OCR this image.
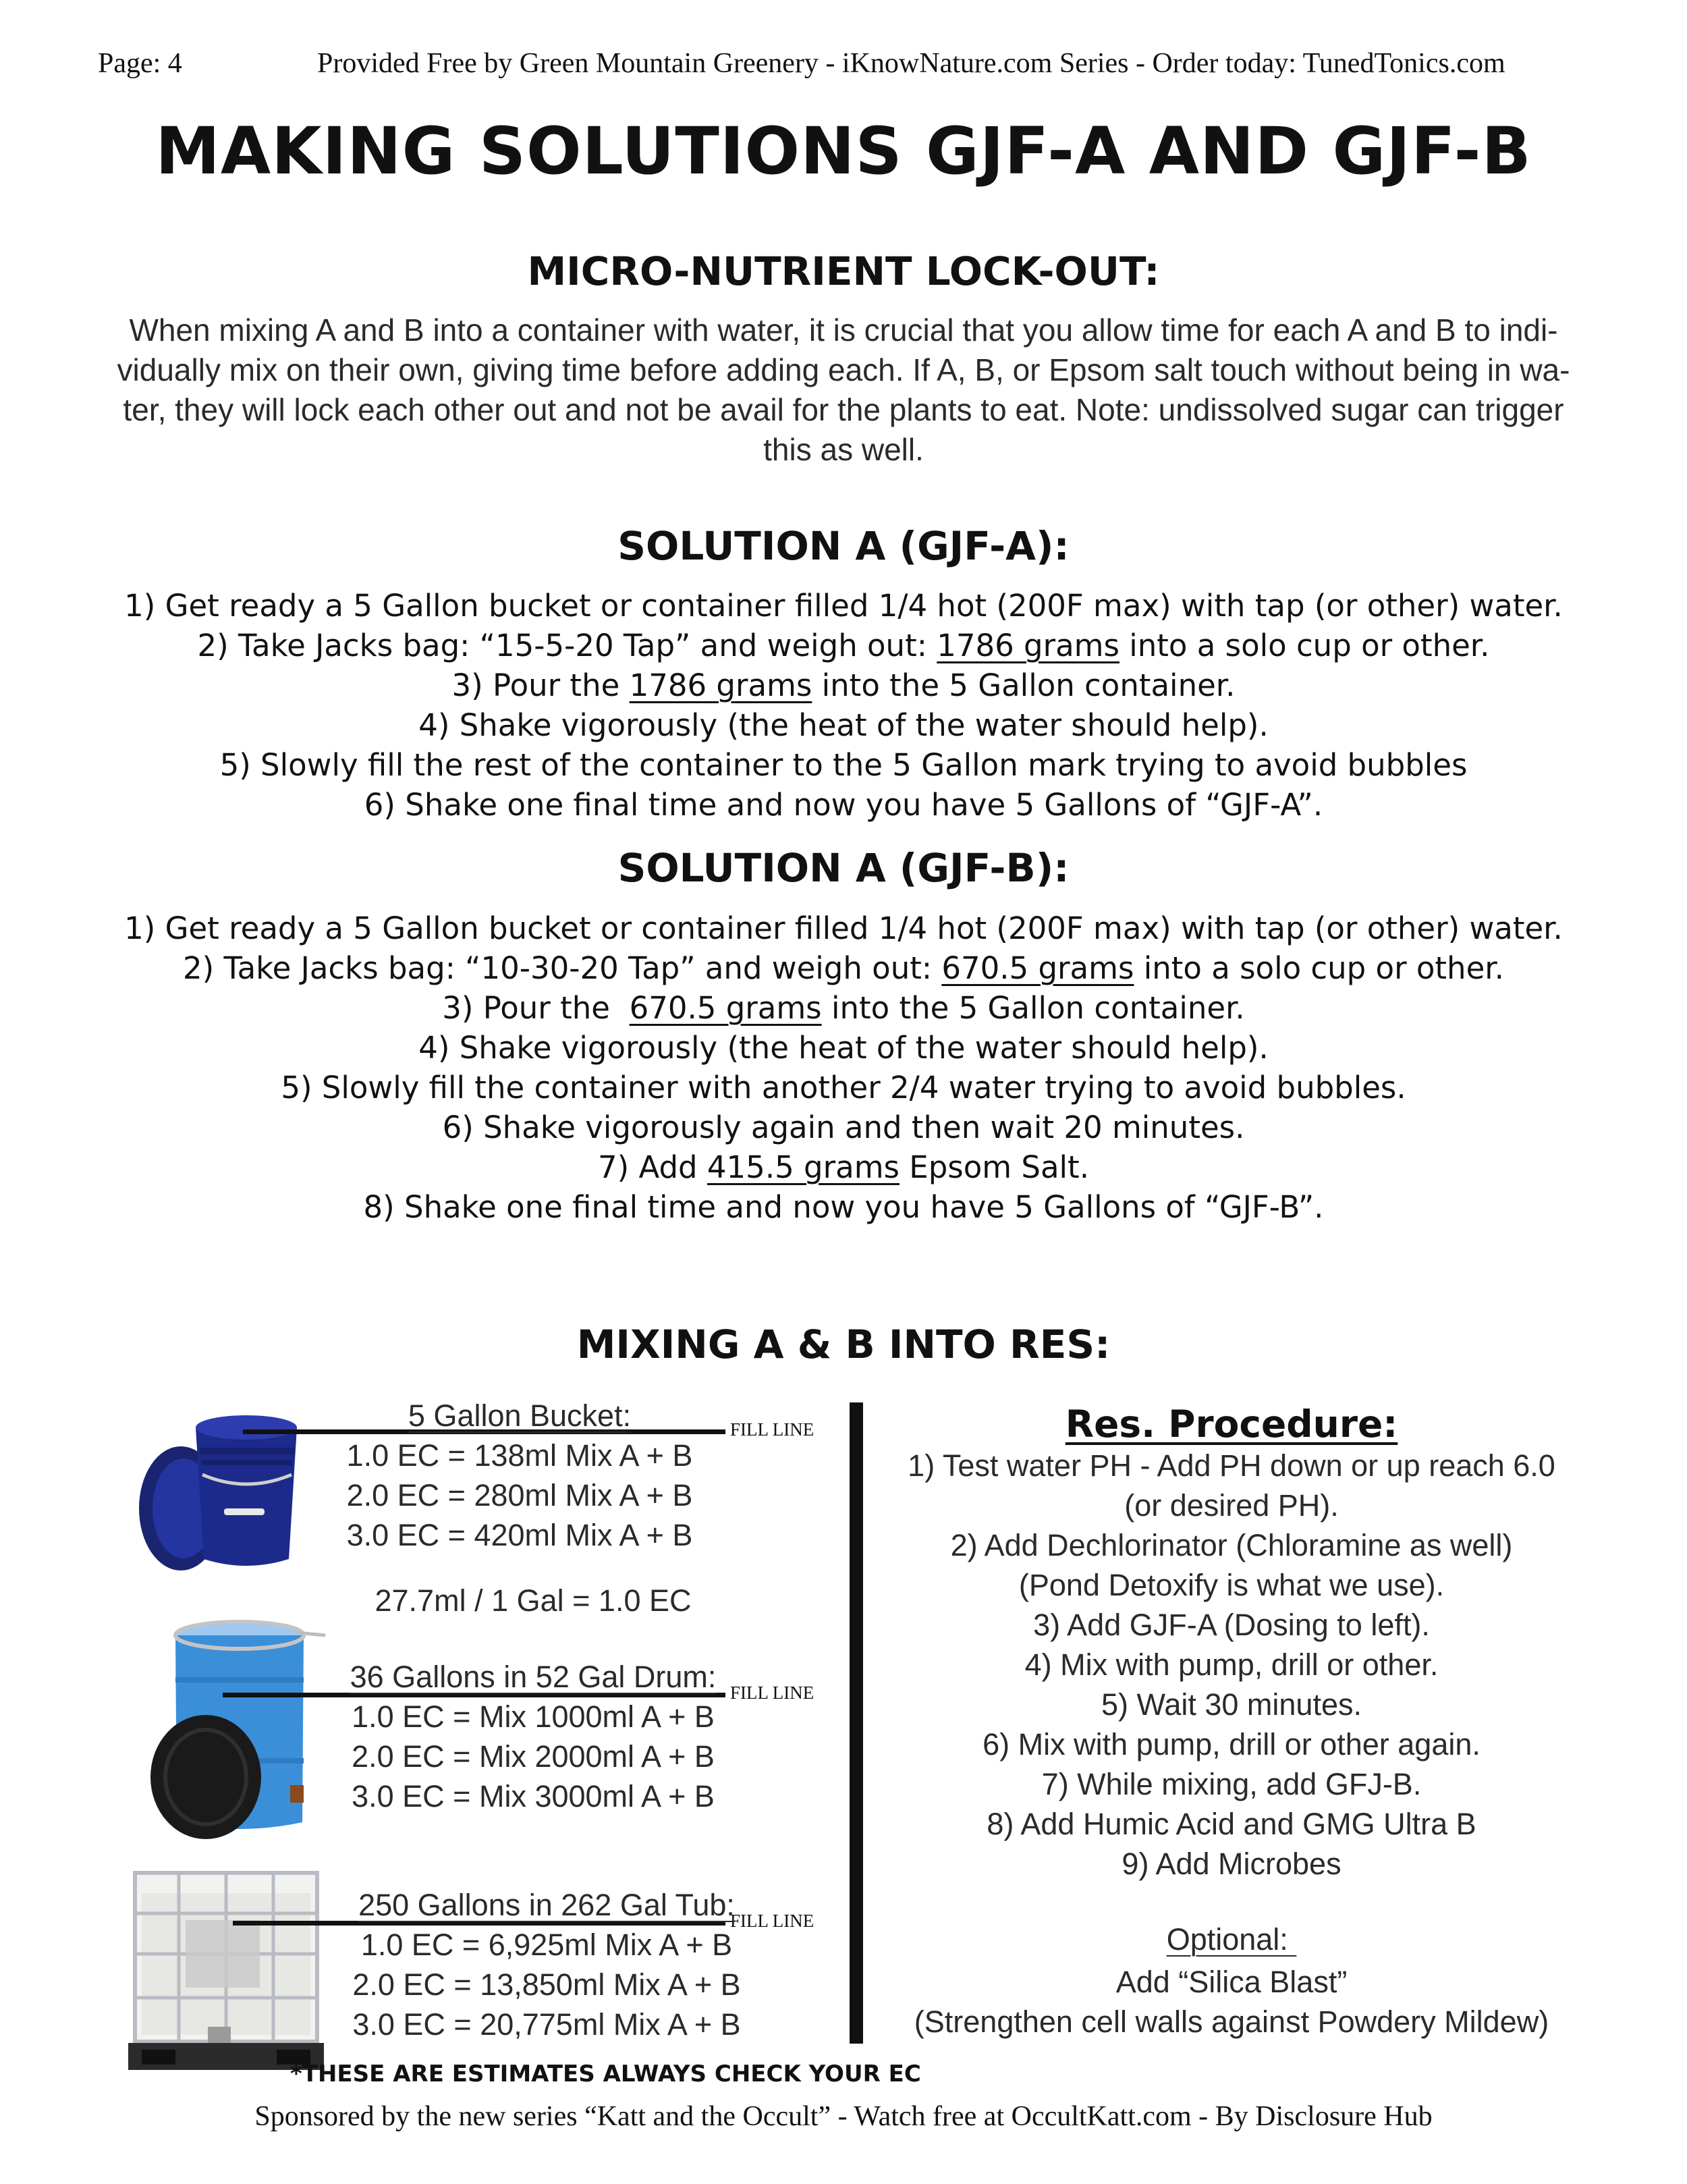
Page: 4	Provided Free by Green Mountain Greenery - iKnowNature.com Series - Order today: TunedTonics.com
MAKING SOLUTIONS GJF-A AND GJF-B
MICRO-NUTRIENT LOCK-OUT:
When mixing A and B into a container with water, it is crucial that you allow time for each A and B to indi-
vidually mix on their own, giving time before adding each. If A, B, or Epsom salt touch without being in wa-
ter, they will lock each other out and not be avail for the plants to eat. Note: undissolved sugar can trigger
this as well.
SOLUTION A (GJF-A):
1) Get ready a 5 Gallon bucket or container filled 1/4 hot (200F max) with tap (or other) water.
2) Take Jacks bag: “15-5-20 Tap” and weigh out: 1786 grams into a solo cup or other.
3) Pour the 1786 grams into the 5 Gallon container.
4) Shake vigorously (the heat of the water should help).
5) Slowly fill the rest of the container to the 5 Gallon mark trying to avoid bubbles
6) Shake one final time and now you have 5 Gallons of “GJF-A”.
SOLUTION A (GJF-B):
1) Get ready a 5 Gallon bucket or container filled 1/4 hot (200F max) with tap (or other) water.
2) Take Jacks bag: “10-30-20 Tap” and weigh out: 670.5 grams into a solo cup or other.
3) Pour the  670.5 grams into the 5 Gallon container.
4) Shake vigorously (the heat of the water should help).
5) Slowly fill the container with another 2/4 water trying to avoid bubbles.
6) Shake vigorously again and then wait 20 minutes.
7) Add 415.5 grams Epsom Salt.
8) Shake one final time and now you have 5 Gallons of “GJF-B”.
MIXING A & B INTO RES:
FILL LINE
5 Gallon Bucket:
1.0 EC = 138ml Mix A + B
2.0 EC = 280ml Mix A + B
3.0 EC = 420ml Mix A + B
27.7ml / 1 Gal = 1.0 EC
FILL LINE
36 Gallons in 52 Gal Drum:
1.0 EC = Mix 1000ml A + B
2.0 EC = Mix 2000ml A + B
3.0 EC = Mix 3000ml A + B
FILL LINE
250 Gallons in 262 Gal Tub:
1.0 EC = 6,925ml Mix A + B
2.0 EC = 13,850ml Mix A + B
3.0 EC = 20,775ml Mix A + B
*THESE ARE ESTIMATES ALWAYS CHECK YOUR EC
Res. Procedure:
1) Test water PH - Add PH down or up reach 6.0
(or desired PH).
2) Add Dechlorinator (Chloramine as well)
(Pond Detoxify is what we use).
3) Add GJF-A (Dosing to left).
4) Mix with pump, drill or other.
5) Wait 30 minutes.
6) Mix with pump, drill or other again.
7) While mixing, add GFJ-B.
8) Add Humic Acid and GMG Ultra B
9) Add Microbes
Optional:
Add “Silica Blast”
(Strengthen cell walls against Powdery Mildew)
Sponsored by the new series “Katt and the Occult” - Watch free at OccultKatt.com - By Disclosure Hub
